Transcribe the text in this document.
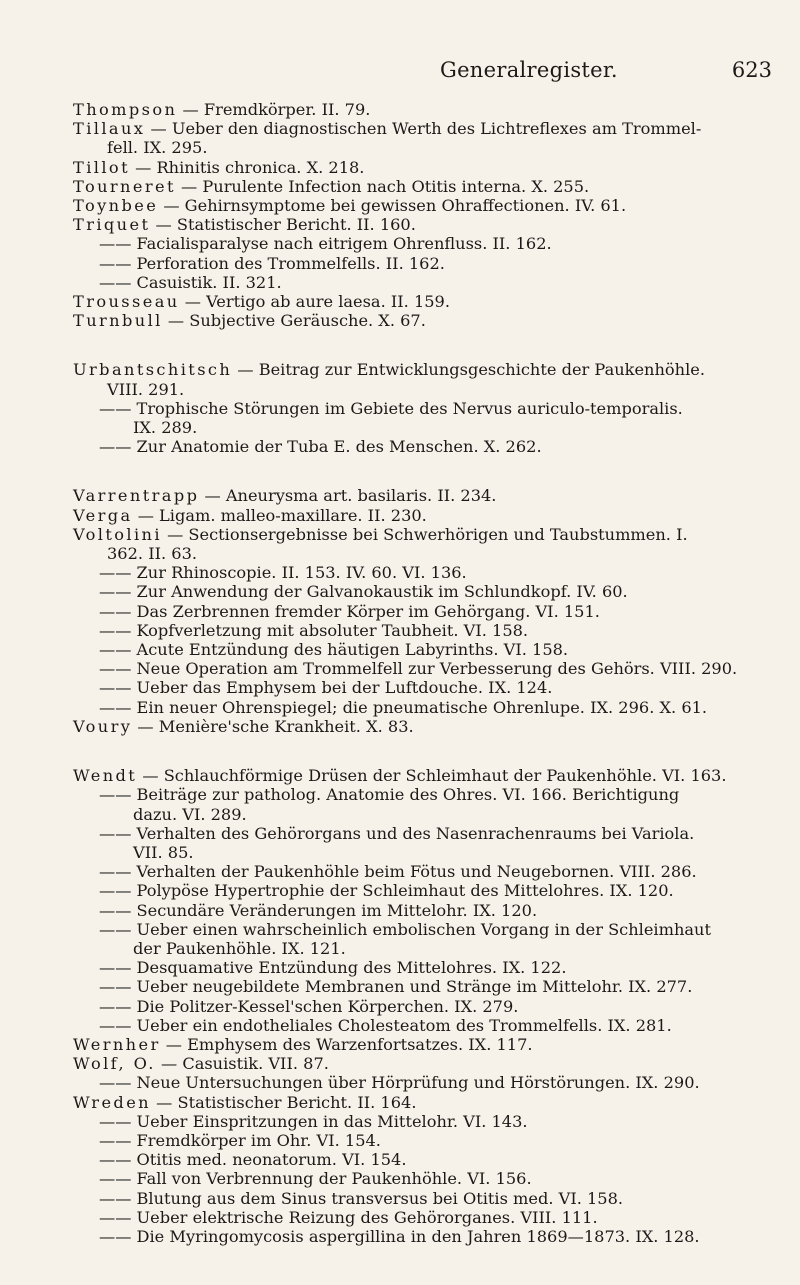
Generalregister.	623
Thompson — Fremdkörper. II. 79.
Tillaux — Ueber den diagnostischen Werth des Lichtreflexes am Trommel-
fell. IX. 295.
Tillot — Rhinitis chronica. X. 218.
Tourneret — Purulente Infection nach Otitis interna. X. 255.
Toynbee — Gehirnsymptome bei gewissen Ohraffectionen. IV. 61.
Triquet — Statistischer Bericht. II. 160.
—— Facialisparalyse nach eitrigem Ohrenfluss. II. 162.
—— Perforation des Trommelfells. II. 162.
—— Casuistik. II. 321.
Trousseau — Vertigo ab aure laesa. II. 159.
Turnbull — Subjective Geräusche. X. 67.
Urbantschitsch — Beitrag zur Entwicklungsgeschichte der Paukenhöhle.
VIII. 291.
—— Trophische Störungen im Gebiete des Nervus auriculo-temporalis.
IX. 289.
—— Zur Anatomie der Tuba E. des Menschen. X. 262.
Varrentrapp — Aneurysma art. basilaris. II. 234.
Verga — Ligam. malleo-maxillare. II. 230.
Voltolini — Sectionsergebnisse bei Schwerhörigen und Taubstummen. I.
362. II. 63.
—— Zur Rhinoscopie. II. 153. IV. 60. VI. 136.
—— Zur Anwendung der Galvanokaustik im Schlundkopf. IV. 60.
—— Das Zerbrennen fremder Körper im Gehörgang. VI. 151.
—— Kopfverletzung mit absoluter Taubheit. VI. 158.
—— Acute Entzündung des häutigen Labyrinths. VI. 158.
—— Neue Operation am Trommelfell zur Verbesserung des Gehörs. VIII. 290.
—— Ueber das Emphysem bei der Luftdouche. IX. 124.
—— Ein neuer Ohrenspiegel; die pneumatische Ohrenlupe. IX. 296. X. 61.
Voury — Menière'sche Krankheit. X. 83.
Wendt — Schlauchförmige Drüsen der Schleimhaut der Paukenhöhle. VI. 163.
—— Beiträge zur patholog. Anatomie des Ohres. VI. 166. Berichtigung
dazu. VI. 289.
—— Verhalten des Gehörorgans und des Nasenrachenraums bei Variola.
VII. 85.
—— Verhalten der Paukenhöhle beim Fötus und Neugebornen. VIII. 286.
—— Polypöse Hypertrophie der Schleimhaut des Mittelohres. IX. 120.
—— Secundäre Veränderungen im Mittelohr. IX. 120.
—— Ueber einen wahrscheinlich embolischen Vorgang in der Schleimhaut
der Paukenhöhle. IX. 121.
—— Desquamative Entzündung des Mittelohres. IX. 122.
—— Ueber neugebildete Membranen und Stränge im Mittelohr. IX. 277.
—— Die Politzer-Kessel'schen Körperchen. IX. 279.
—— Ueber ein endotheliales Cholesteatom des Trommelfells. IX. 281.
Wernher — Emphysem des Warzenfortsatzes. IX. 117.
Wolf, O. — Casuistik. VII. 87.
—— Neue Untersuchungen über Hörprüfung und Hörstörungen. IX. 290.
Wreden — Statistischer Bericht. II. 164.
—— Ueber Einspritzungen in das Mittelohr. VI. 143.
—— Fremdkörper im Ohr. VI. 154.
—— Otitis med. neonatorum. VI. 154.
—— Fall von Verbrennung der Paukenhöhle. VI. 156.
—— Blutung aus dem Sinus transversus bei Otitis med. VI. 158.
—— Ueber elektrische Reizung des Gehörorganes. VIII. 111.
—— Die Myringomycosis aspergillina in den Jahren 1869—1873. IX. 128.
